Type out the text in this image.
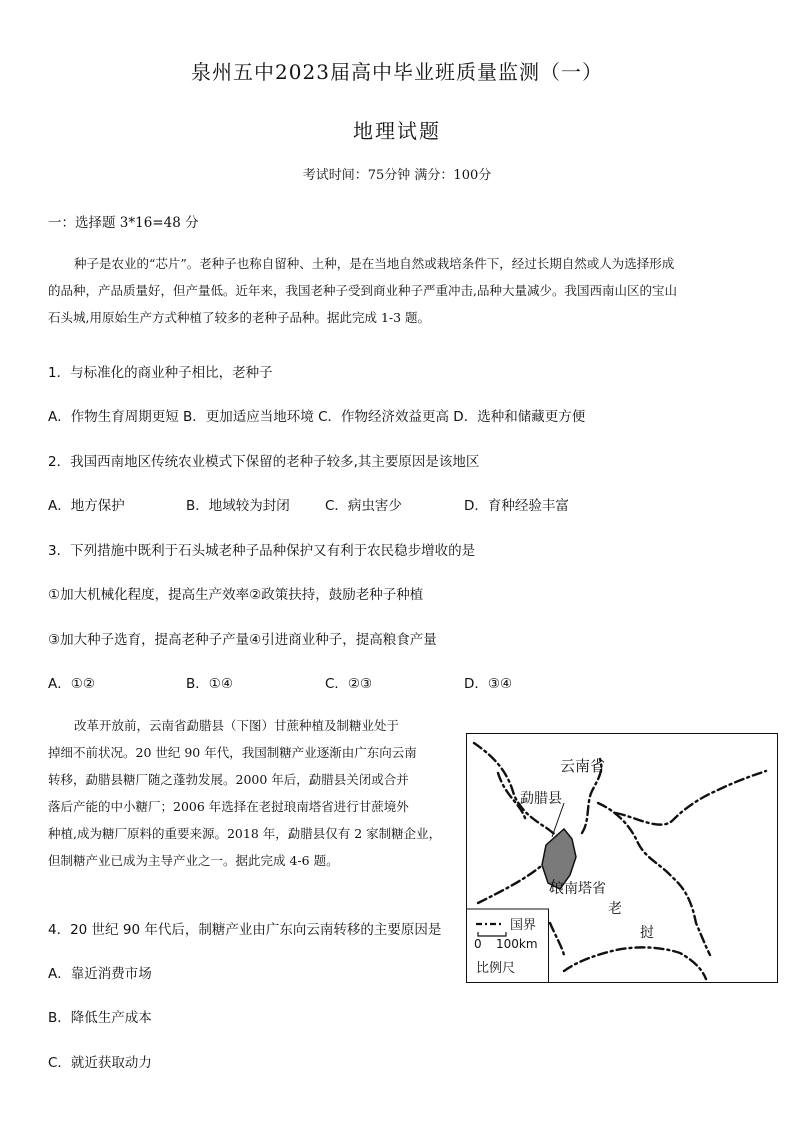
泉州五中2023届高中毕业班质量监测（一）
地理试题
考试时间：75分钟 满分：100分
一：选择题 3*16=48 分
种子是农业的“芯片”。老种子也称自留种、土种，是在当地自然或栽培条件下，经过长期自然或人为选择形成
的品种，产品质量好，但产量低。近年来，我国老种子受到商业种子严重冲击,品种大量减少。我国西南山区的宝山
石头城,用原始生产方式种植了较多的老种子品种。据此完成 1-3 题。
1．与标准化的商业种子相比，老种子
A．作物生育周期更短 B．更加适应当地环境 C．作物经济效益更高 D．选种和储藏更方便
2．我国西南地区传统农业模式下保留的老种子较多,其主要原因是该地区
A．地方保护	B．地域较为封闭	C．病虫害少	D．育种经验丰富
3．下列措施中既利于石头城老种子品种保护又有利于农民稳步增收的是
①加大机械化程度，提高生产效率②政策扶持，鼓励老种子种植
③加大种子选育，提高老种子产量④引进商业种子，提高粮食产量
A．①②	B．①④	C．②③	D．③④
改革开放前，云南省勐腊县（下图）甘蔗种植及制糖业处于
掉细不前状况。20 世纪 90 年代，我国制糖产业逐渐由广东向云南
转移，勐腊县糖厂随之蓬勃发展。2000 年后，勐腊县关闭或合并
落后产能的中小糖厂；2006 年选择在老挝琅南塔省进行甘蔗境外
种植,成为糖厂原料的重要来源。2018 年，勐腊县仅有 2 家制糖企业，
但制糖产业已成为主导产业之一。据此完成 4-6 题。
4．20 世纪 90 年代后，制糖产业由广东向云南转移的主要原因是
A．靠近消费市场
B．降低生产成本
C．就近获取动力
云南省
勐腊县
琅南塔省
老
挝
国界
0 100km
比例尺
